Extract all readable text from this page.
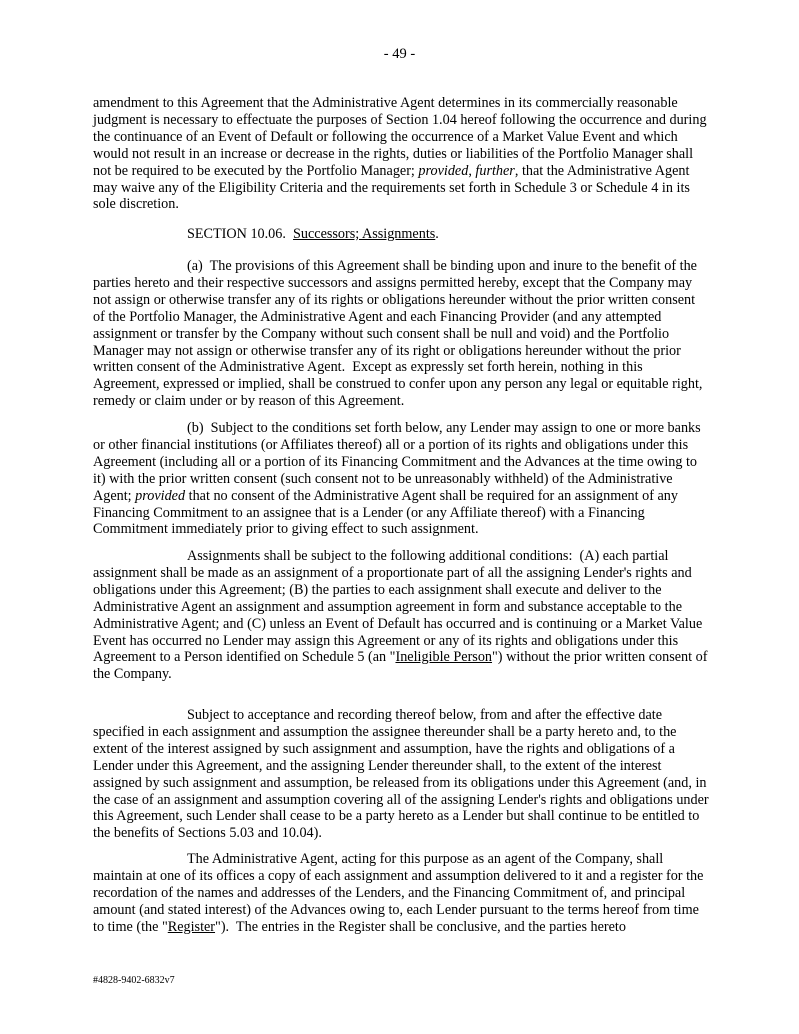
- 49 -

amendment to this Agreement that the Administrative Agent determines in its commercially reasonable judgment is necessary to effectuate the purposes of Section 1.04 hereof following the occurrence and during the continuance of an Event of Default or following the occurrence of a Market Value Event and which would not result in an increase or decrease in the rights, duties or liabilities of the Portfolio Manager shall not be required to be executed by the Portfolio Manager; provided, further, that the Administrative Agent may waive any of the Eligibility Criteria and the requirements set forth in Schedule 3 or Schedule 4 in its sole discretion.

SECTION 10.06.  Successors; Assignments.

(a)  The provisions of this Agreement shall be binding upon and inure to the benefit of the parties hereto and their respective successors and assigns permitted hereby, except that the Company may not assign or otherwise transfer any of its rights or obligations hereunder without the prior written consent of the Portfolio Manager, the Administrative Agent and each Financing Provider (and any attempted assignment or transfer by the Company without such consent shall be null and void) and the Portfolio Manager may not assign or otherwise transfer any of its right or obligations hereunder without the prior written consent of the Administrative Agent.  Except as expressly set forth herein, nothing in this Agreement, expressed or implied, shall be construed to confer upon any person any legal or equitable right, remedy or claim under or by reason of this Agreement.

(b)  Subject to the conditions set forth below, any Lender may assign to one or more banks or other financial institutions (or Affiliates thereof) all or a portion of its rights and obligations under this Agreement (including all or a portion of its Financing Commitment and the Advances at the time owing to it) with the prior written consent (such consent not to be unreasonably withheld) of the Administrative Agent; provided that no consent of the Administrative Agent shall be required for an assignment of any Financing Commitment to an assignee that is a Lender (or any Affiliate thereof) with a Financing Commitment immediately prior to giving effect to such assignment.

Assignments shall be subject to the following additional conditions:  (A) each partial assignment shall be made as an assignment of a proportionate part of all the assigning Lender's rights and obligations under this Agreement; (B) the parties to each assignment shall execute and deliver to the Administrative Agent an assignment and assumption agreement in form and substance acceptable to the Administrative Agent; and (C) unless an Event of Default has occurred and is continuing or a Market Value Event has occurred no Lender may assign this Agreement or any of its rights and obligations under this Agreement to a Person identified on Schedule 5 (an "Ineligible Person") without the prior written consent of the Company.

Subject to acceptance and recording thereof below, from and after the effective date specified in each assignment and assumption the assignee thereunder shall be a party hereto and, to the extent of the interest assigned by such assignment and assumption, have the rights and obligations of a Lender under this Agreement, and the assigning Lender thereunder shall, to the extent of the interest assigned by such assignment and assumption, be released from its obligations under this Agreement (and, in the case of an assignment and assumption covering all of the assigning Lender's rights and obligations under this Agreement, such Lender shall cease to be a party hereto as a Lender but shall continue to be entitled to the benefits of Sections 5.03 and 10.04).

The Administrative Agent, acting for this purpose as an agent of the Company, shall maintain at one of its offices a copy of each assignment and assumption delivered to it and a register for the recordation of the names and addresses of the Lenders, and the Financing Commitment of, and principal amount (and stated interest) of the Advances owing to, each Lender pursuant to the terms hereof from time to time (the "Register").  The entries in the Register shall be conclusive, and the parties hereto

#4828-9402-6832v7
